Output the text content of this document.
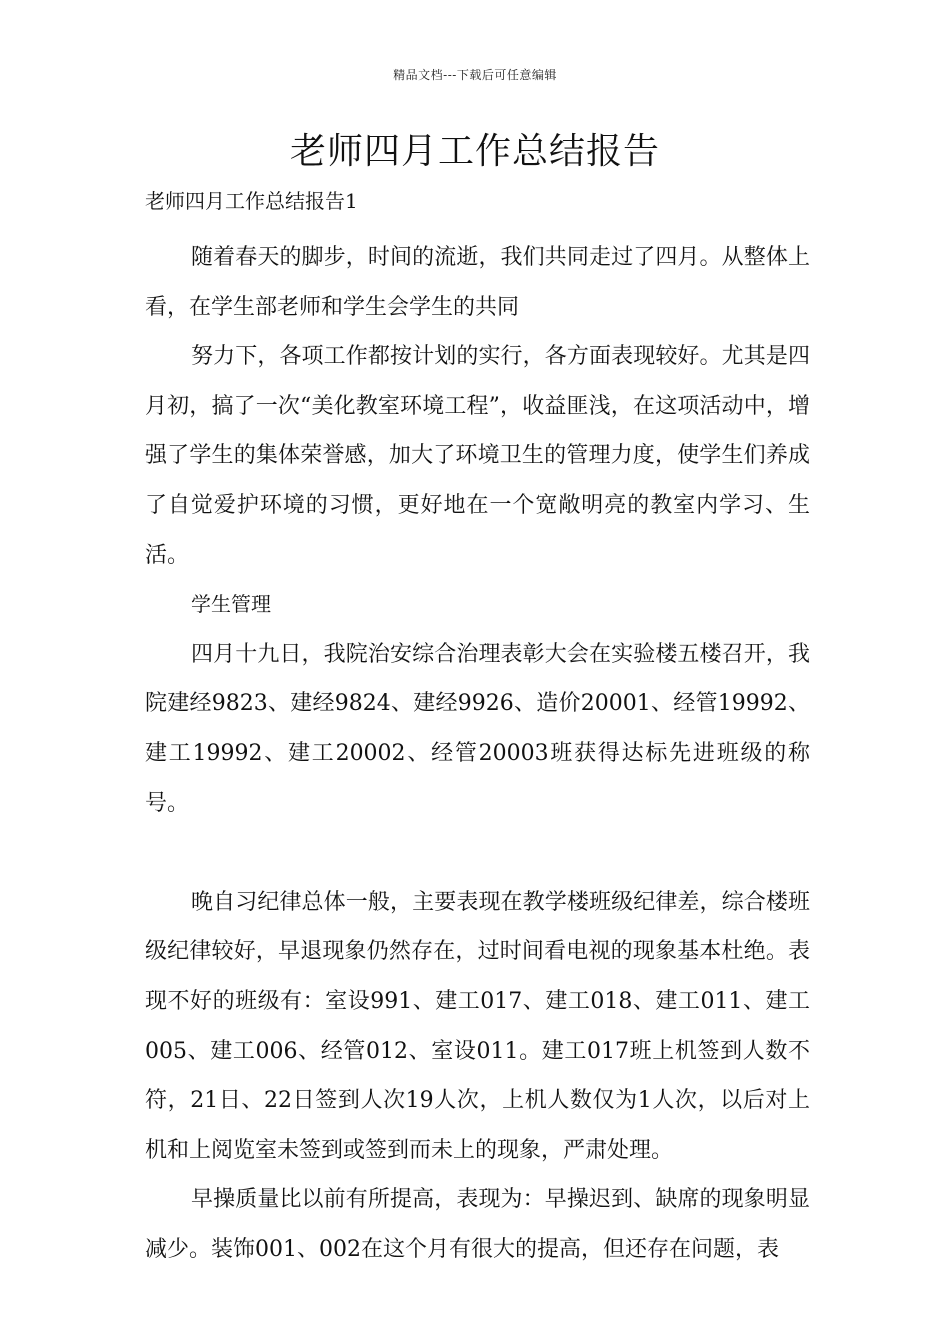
精品文档---下载后可任意编辑
老师四月工作总结报告
老师四月工作总结报告1

随着春天的脚步，时间的流逝，我们共同走过了四月。从整体上看，在学生部老师和学生会学生的共同

努力下，各项工作都按计划的实行，各方面表现较好。尤其是四月初，搞了一次“美化教室环境工程”，收益匪浅，在这项活动中，增强了学生的集体荣誉感，加大了环境卫生的管理力度，使学生们养成了自觉爱护环境的习惯，更好地在一个宽敞明亮的教室内学习、生活。

学生管理

四月十九日，我院治安综合治理表彰大会在实验楼五楼召开，我院建经9823、建经9824、建经9926、造价20001、经管19992、建工19992、建工20002、经管20003班获得达标先进班级的称号。

晚自习纪律总体一般，主要表现在教学楼班级纪律差，综合楼班级纪律较好，早退现象仍然存在，过时间看电视的现象基本杜绝。表现不好的班级有：室设991、建工017、建工018、建工011、建工005、建工006、经管012、室设011。建工017班上机签到人数不符，21日、22日签到人次19人次，上机人数仅为1人次，以后对上机和上阅览室未签到或签到而未上的现象，严肃处理。

早操质量比以前有所提高，表现为：早操迟到、缺席的现象明显减少。装饰001、002在这个月有很大的提高，但还存在问题，表
